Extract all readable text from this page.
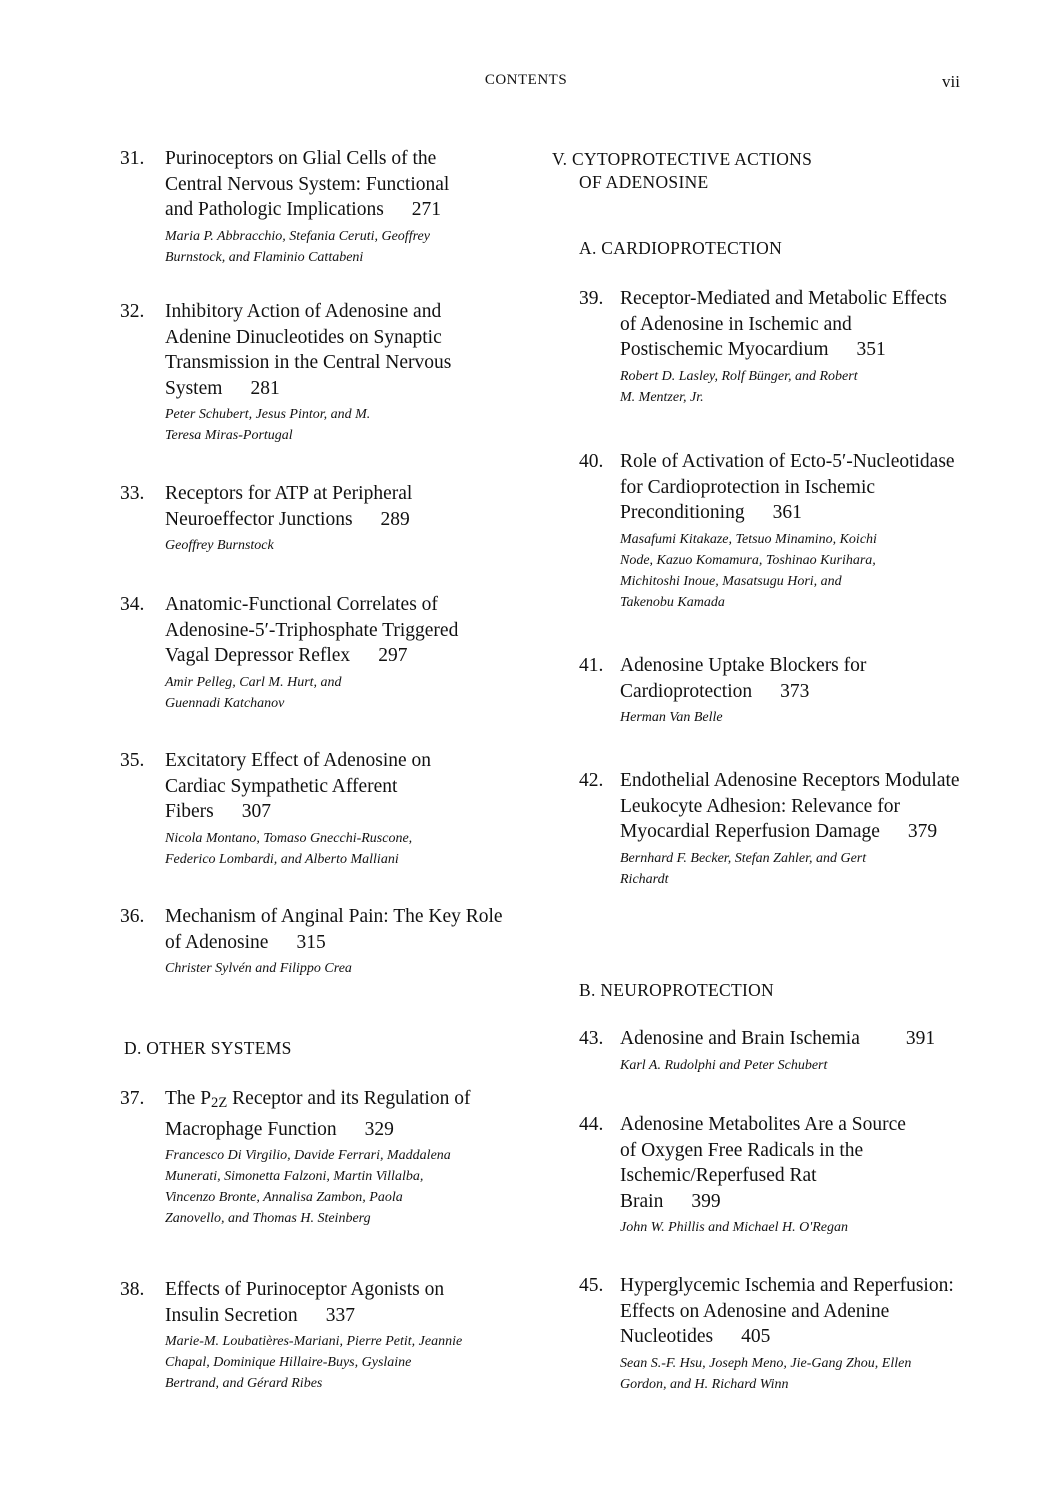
CONTENTS	vii
31. Purinoceptors on Glial Cells of the Central Nervous System: Functional and Pathologic Implications 271
Maria P. Abbracchio, Stefania Ceruti, Geoffrey Burnstock, and Flaminio Cattabeni
32. Inhibitory Action of Adenosine and Adenine Dinucleotides on Synaptic Transmission in the Central Nervous System 281
Peter Schubert, Jesus Pintor, and M. Teresa Miras-Portugal
33. Receptors for ATP at Peripheral Neuroeffector Junctions 289
Geoffrey Burnstock
34. Anatomic-Functional Correlates of Adenosine-5′-Triphosphate Triggered Vagal Depressor Reflex 297
Amir Pelleg, Carl M. Hurt, and Guennadi Katchanov
35. Excitatory Effect of Adenosine on Cardiac Sympathetic Afferent Fibers 307
Nicola Montano, Tomaso Gnecchi-Ruscone, Federico Lombardi, and Alberto Malliani
36. Mechanism of Anginal Pain: The Key Role of Adenosine 315
Christer Sylvén and Filippo Crea
D. OTHER SYSTEMS
37. The $P_{2Z}$ Receptor and its Regulation of Macrophage Function 329
Francesco Di Virgilio, Davide Ferrari, Maddalena Munerati, Simonetta Falzoni, Martin Villalba, Vincenzo Bronte, Annalisa Zambon, Paola Zanovello, and Thomas H. Steinberg
38. Effects of Purinoceptor Agonists on Insulin Secretion 337
Marie-M. Loubatières-Mariani, Pierre Petit, Jeannie Chapal, Dominique Hillaire-Buys, Gyslaine Bertrand, and Gérard Ribes
V. CYTOPROTECTIVE ACTIONS
OF ADENOSINE
A. CARDIOPROTECTION
39. Receptor-Mediated and Metabolic Effects of Adenosine in Ischemic and Postischemic Myocardium 351
Robert D. Lasley, Rolf Bünger, and Robert M. Mentzer, Jr.
40. Role of Activation of Ecto-5′-Nucleotidase for Cardioprotection in Ischemic Preconditioning 361
Masafumi Kitakaze, Tetsuo Minamino, Koichi Node, Kazuo Komamura, Toshinao Kurihara, Michitoshi Inoue, Masatsugu Hori, and Takenobu Kamada
41. Adenosine Uptake Blockers for Cardioprotection 373
Herman Van Belle
42. Endothelial Adenosine Receptors Modulate Leukocyte Adhesion: Relevance for Myocardial Reperfusion Damage 379
Bernhard F. Becker, Stefan Zahler, and Gert Richardt
B. NEUROPROTECTION
43. Adenosine and Brain Ischemia 391
Karl A. Rudolphi and Peter Schubert
44. Adenosine Metabolites Are a Source of Oxygen Free Radicals in the Ischemic/Reperfused Rat Brain 399
John W. Phillis and Michael H. O'Regan
45. Hyperglycemic Ischemia and Reperfusion: Effects on Adenosine and Adenine Nucleotides 405
Sean S.-F. Hsu, Joseph Meno, Jie-Gang Zhou, Ellen Gordon, and H. Richard Winn
